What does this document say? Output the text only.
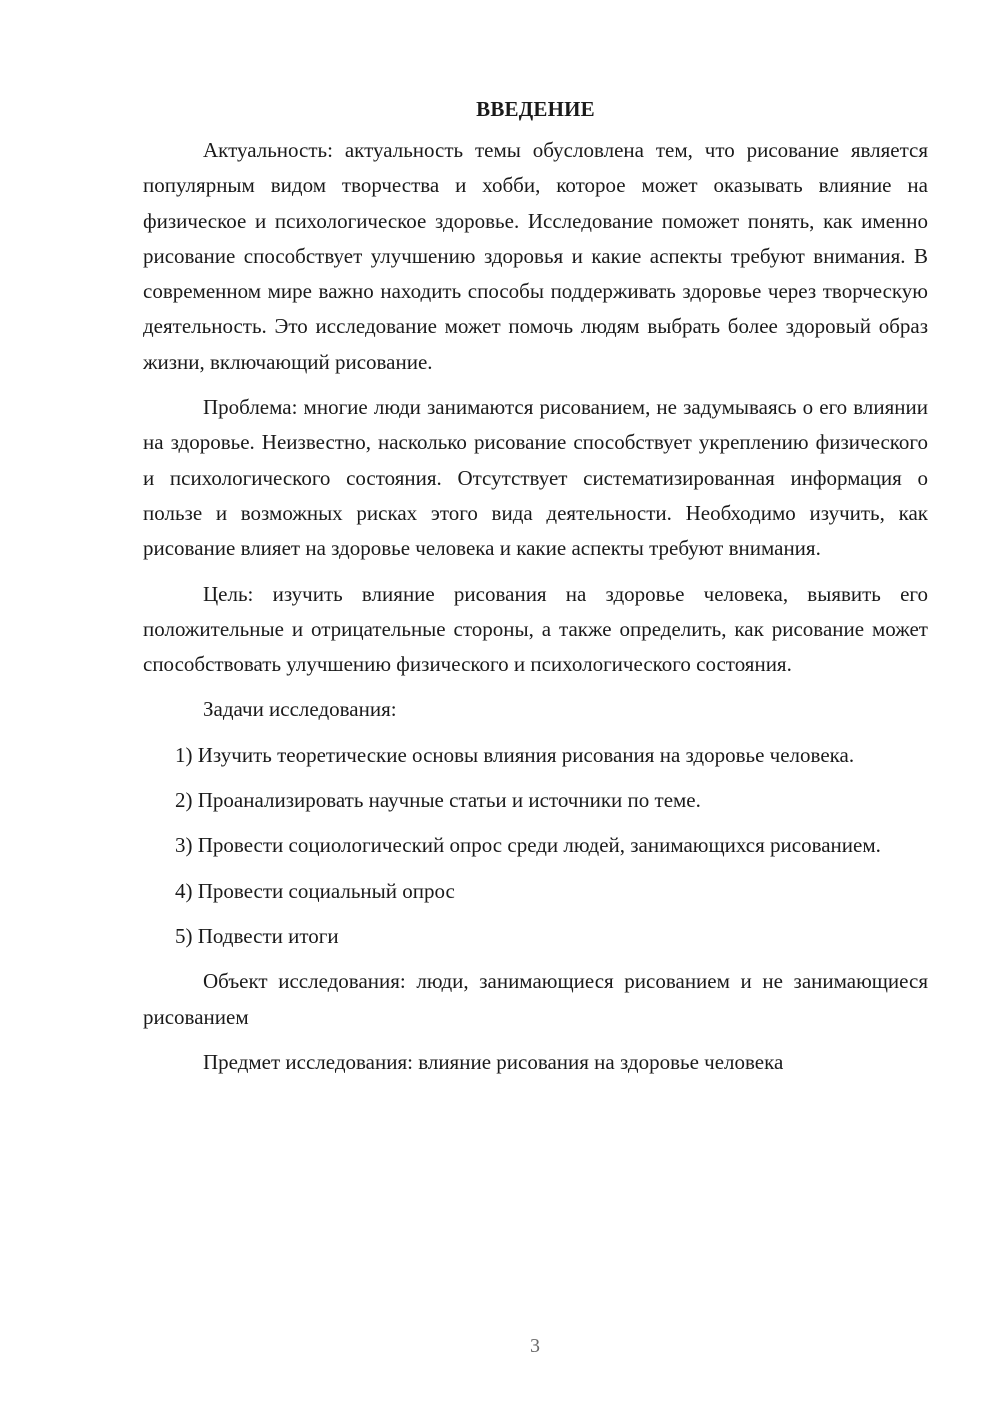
ВВЕДЕНИЕ

Актуальность: актуальность темы обусловлена тем, что рисование является популярным видом творчества и хобби, которое может оказывать влияние на физическое и психологическое здоровье. Исследование поможет понять, как именно рисование способствует улучшению здоровья и какие аспекты требуют внимания. В современном мире важно находить способы поддерживать здоровье через творческую деятельность. Это исследование может помочь людям выбрать более здоровый образ жизни, включающий рисование.

Проблема: многие люди занимаются рисованием, не задумываясь о его влиянии на здоровье. Неизвестно, насколько рисование способствует укреплению физического и психологического состояния. Отсутствует систематизированная информация о пользе и возможных рисках этого вида деятельности. Необходимо изучить, как рисование влияет на здоровье человека и какие аспекты требуют внимания.

Цель: изучить влияние рисования на здоровье человека, выявить его положительные и отрицательные стороны, а также определить, как рисование может способствовать улучшению физического и психологического состояния.

Задачи исследования:

1) Изучить теоретические основы влияния рисования на здоровье человека.

2) Проанализировать научные статьи и источники по теме.

3) Провести социологический опрос среди людей, занимающихся рисованием.

4) Провести социальный опрос

5) Подвести итоги

Объект исследования: люди, занимающиеся рисованием и не занимающиеся рисованием

Предмет исследования: влияние рисования на здоровье человека

3
